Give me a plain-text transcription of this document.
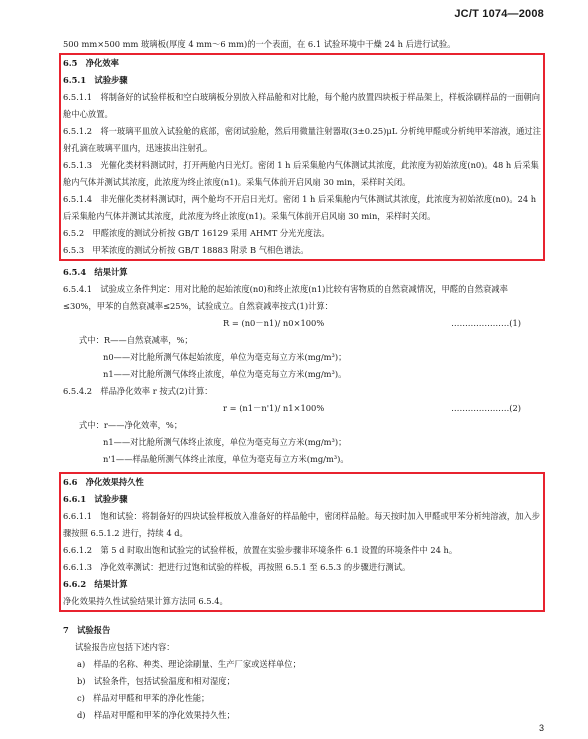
JC/T 1074—2008
500 mm×500 mm 玻璃板(厚度 4 mm～6 mm)的一个表面，在 6.1 试验环境中干燥 24 h 后进行试验。
6.5　净化效率
6.5.1　试验步骤
6.5.1.1　将制备好的试验样板和空白玻璃板分别放入样品舱和对比舱，每个舱内放置四块板于样品架上，样板涂刷样品的一面朝向舱中心放置。
6.5.1.2　将一玻璃平皿放入试验舱的底部，密闭试验舱，然后用微量注射器取(3±0.25)μL 分析纯甲醛或分析纯甲苯溶液，通过注射孔滴在玻璃平皿内，迅速拔出注射孔。
6.5.1.3　光催化类材料测试时，打开两舱内日光灯。密闭 1 h 后采集舱内气体测试其浓度，此浓度为初始浓度(n0)。48 h 后采集舱内气体并测试其浓度，此浓度为终止浓度(n1)。采集气体前开启风扇 30 min，采样时关闭。
6.5.1.4　非光催化类材料测试时，两个舱均不开启日光灯。密闭 1 h 后采集舱内气体测试其浓度，此浓度为初始浓度(n0)。24 h 后采集舱内气体并测试其浓度，此浓度为终止浓度(n1)。采集气体前开启风扇 30 min，采样时关闭。
6.5.2　甲醛浓度的测试分析按 GB/T 16129 采用 AHMT 分光光度法。
6.5.3　甲苯浓度的测试分析按 GB/T 18883 附录 B 气相色谱法。
6.5.4　结果计算
6.5.4.1　试验成立条件判定：用对比舱的起始浓度(n0)和终止浓度(n1)比较有害物质的自然衰减情况，甲醛的自然衰减率≤30%，甲苯的自然衰减率≤25%，试验成立。自然衰减率按式(1)计算：
R = (n0－n1)/ n0×100%	…………………(1)
式中：R——自然衰减率，%；
n0——对比舱所测气体起始浓度，单位为毫克每立方米(mg/m³)；
n1——对比舱所测气体终止浓度，单位为毫克每立方米(mg/m³)。
6.5.4.2　样品净化效率 r 按式(2)计算：
r = (n1－n'1)/ n1×100%	…………………(2)
式中：r——净化效率，%；
n1——对比舱所测气体终止浓度，单位为毫克每立方米(mg/m³)；
n'1——样品舱所测气体终止浓度，单位为毫克每立方米(mg/m³)。
6.6　净化效果持久性
6.6.1　试验步骤
6.6.1.1　饱和试验：将制备好的四块试验样板放入准备好的样品舱中，密闭样品舱。每天按时加入甲醛或甲苯分析纯溶液，加入步骤按照 6.5.1.2 进行，持续 4 d。
6.6.1.2　第 5 d 时取出饱和试验完的试验样板，放置在实验步骤非环境条件 6.1 设置的环境条件中 24 h。
6.6.1.3　净化效率测试：把进行过饱和试验的样板，再按照 6.5.1 至 6.5.3 的步骤进行测试。
6.6.2　结果计算
净化效果持久性试验结果计算方法同 6.5.4。
7　试验报告
试验报告应包括下述内容：
a)　样品的名称、种类、理论涂刷量、生产厂家或送样单位；
b)　试验条件，包括试验温度和相对湿度；
c)　样品对甲醛和甲苯的净化性能；
d)　样品对甲醛和甲苯的净化效果持久性；
3
